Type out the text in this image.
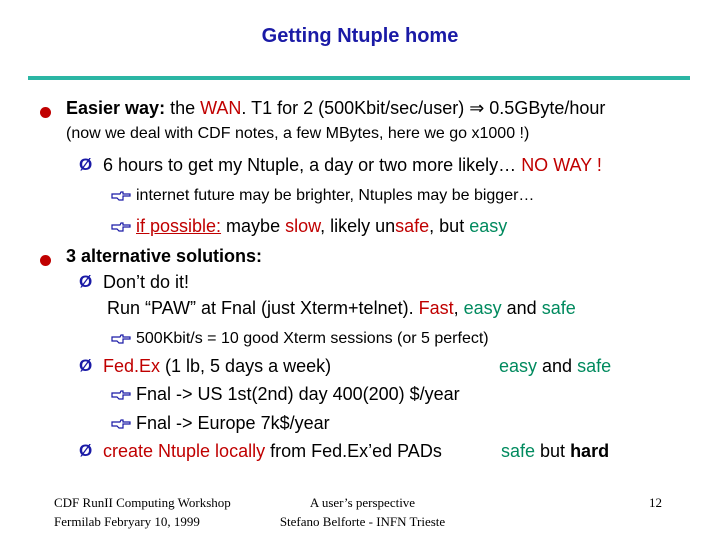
Getting Ntuple home
Easier way: the WAN. T1 for 2 (500Kbit/sec/user) ⇒ 0.5GByte/hour
(now we deal with CDF notes, a few MBytes, here we go x1000 !)
Ø 6 hours to get my Ntuple, a day or two more likely… NO WAY !
internet future may be brighter, Ntuples may be bigger…
if possible: maybe slow, likely unsafe, but easy
3 alternative solutions:
Ø Don’t do it!
Run “PAW” at Fnal (just Xterm+telnet). Fast, easy and safe
500Kbit/s = 10 good Xterm sessions (or 5 perfect)
Ø Fed.Ex (1 lb, 5 days a week)	easy and safe
Fnal -> US 1st(2nd) day 400(200) $/year
Fnal -> Europe 7k$/year
Ø create Ntuple locally from Fed.Ex’ed PADs	safe but hard
CDF RunII Computing Workshop
Fermilab Febryary 10, 1999
A user’s perspective
Stefano Belforte - INFN Trieste
12
